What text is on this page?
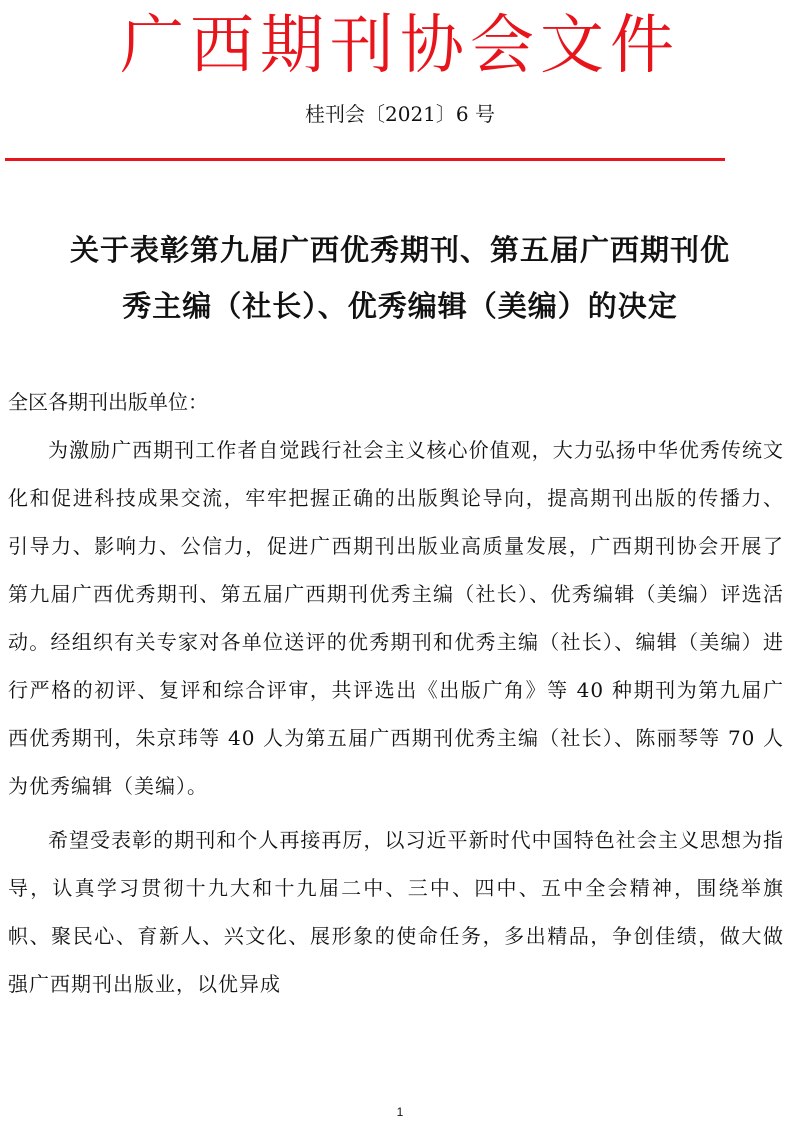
广西期刊协会文件
桂刊会〔2021〕6 号
关于表彰第九届广西优秀期刊、第五届广西期刊优
秀主编（社长）、优秀编辑（美编）的决定
全区各期刊出版单位：

为激励广西期刊工作者自觉践行社会主义核心价值观，大力弘扬中华优秀传统文化和促进科技成果交流，牢牢把握正确的出版舆论导向，提高期刊出版的传播力、引导力、影响力、公信力，促进广西期刊出版业高质量发展，广西期刊协会开展了第九届广西优秀期刊、第五届广西期刊优秀主编（社长）、优秀编辑（美编）评选活动。经组织有关专家对各单位送评的优秀期刊和优秀主编（社长）、编辑（美编）进行严格的初评、复评和综合评审，共评选出《出版广角》等 40 种期刊为第九届广西优秀期刊，朱京玮等 40 人为第五届广西期刊优秀主编（社长）、陈丽琴等 70 人为优秀编辑（美编）。

希望受表彰的期刊和个人再接再厉，以习近平新时代中国特色社会主义思想为指导，认真学习贯彻十九大和十九届二中、三中、四中、五中全会精神，围绕举旗帜、聚民心、育新人、兴文化、展形象的使命任务，多出精品，争创佳绩，做大做强广西期刊出版业，以优异成

1
